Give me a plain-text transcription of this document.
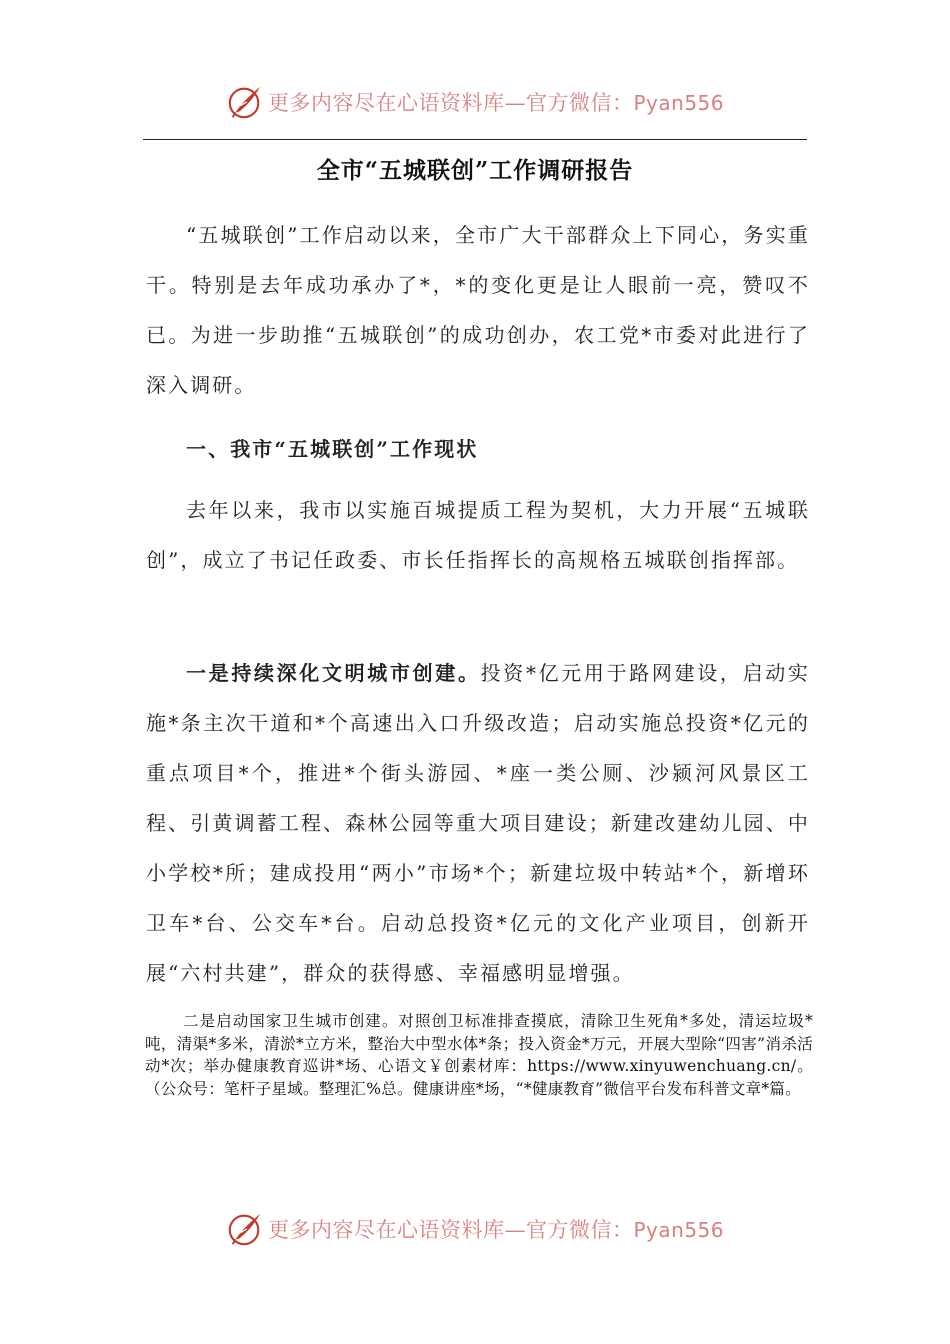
更多内容尽在心语资料库—官方微信：Pyan556
全市“五城联创”工作调研报告

“五城联创”工作启动以来，全市广大干部群众上下同心，务实重干。特别是去年成功承办了*，*的变化更是让人眼前一亮，赞叹不已。为进一步助推“五城联创”的成功创办，农工党*市委对此进行了深入调研。

一、我市“五城联创”工作现状

去年以来，我市以实施百城提质工程为契机，大力开展“五城联创”，成立了书记任政委、市长任指挥长的高规格五城联创指挥部。

一是持续深化文明城市创建。投资*亿元用于路网建设，启动实施*条主次干道和*个高速出入口升级改造；启动实施总投资*亿元的重点项目*个，推进*个街头游园、*座一类公厕、沙颍河风景区工程、引黄调蓄工程、森林公园等重大项目建设；新建改建幼儿园、中小学校*所；建成投用“两小”市场*个；新建垃圾中转站*个，新增环卫车*台、公交车*台。启动总投资*亿元的文化产业项目，创新开展“六村共建”，群众的获得感、幸福感明显增强。

二是启动国家卫生城市创建。对照创卫标准排查摸底，清除卫生死角*多处，清运垃圾*吨，清渠*多米，清淤*立方米，整治大中型水体*条；投入资金*万元，开展大型除“四害”消杀活动*次；举办健康教育巡讲*场、心语文￥创素材库：https://www.xinyuwenchuang.cn/。（公众号：笔杆子星域。整理汇%总。健康讲座*场，“*健康教育”微信平台发布科普文章*篇。

更多内容尽在心语资料库—官方微信：Pyan556
